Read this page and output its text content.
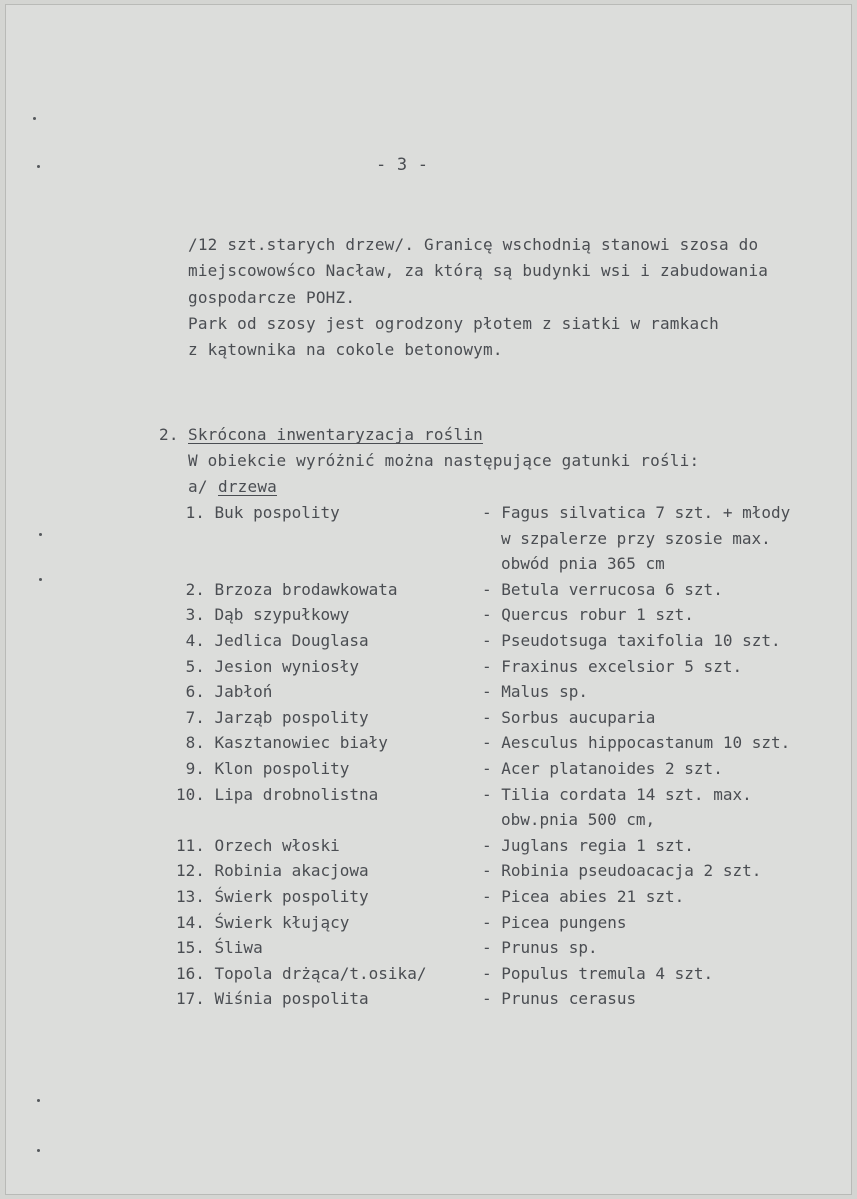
- 3 -
/12 szt.starych drzew/. Granicę wschodnią stanowi szosa do
miejscowowśco Nacław, za którą są budynki wsi i zabudowania
gospodarcze POHZ.
Park od szosy jest ogrodzony płotem z siatki w ramkach
z kątownika na cokole betonowym.
2. Skrócona inwentaryzacja roślin
W obiekcie wyróżnić można następujące gatunki rośli:
a/ drzewa
1. Buk pospolity	- Fagus silvatica 7 szt. + młody
w szpalerze przy szosie max.
obwód pnia 365 cm
2. Brzoza brodawkowata	- Betula verrucosa 6 szt.
3. Dąb szypułkowy	- Quercus robur 1 szt.
4. Jedlica Douglasa	- Pseudotsuga taxifolia 10 szt.
5. Jesion wyniosły	- Fraxinus excelsior 5 szt.
6. Jabłoń	- Malus sp.
7. Jarząb pospolity	- Sorbus aucuparia
8. Kasztanowiec biały	- Aesculus hippocastanum 10 szt.
9. Klon pospolity	- Acer platanoides 2 szt.
10. Lipa drobnolistna	- Tilia cordata 14 szt. max.
obw.pnia 500 cm,
11. Orzech włoski	- Juglans regia 1 szt.
12. Robinia akacjowa	- Robinia pseudoacacja 2 szt.
13. Świerk pospolity	- Picea abies 21 szt.
14. Świerk kłujący	- Picea pungens
15. Śliwa	- Prunus sp.
16. Topola drżąca/t.osika/	- Populus tremula 4 szt.
17. Wiśnia pospolita	- Prunus cerasus
